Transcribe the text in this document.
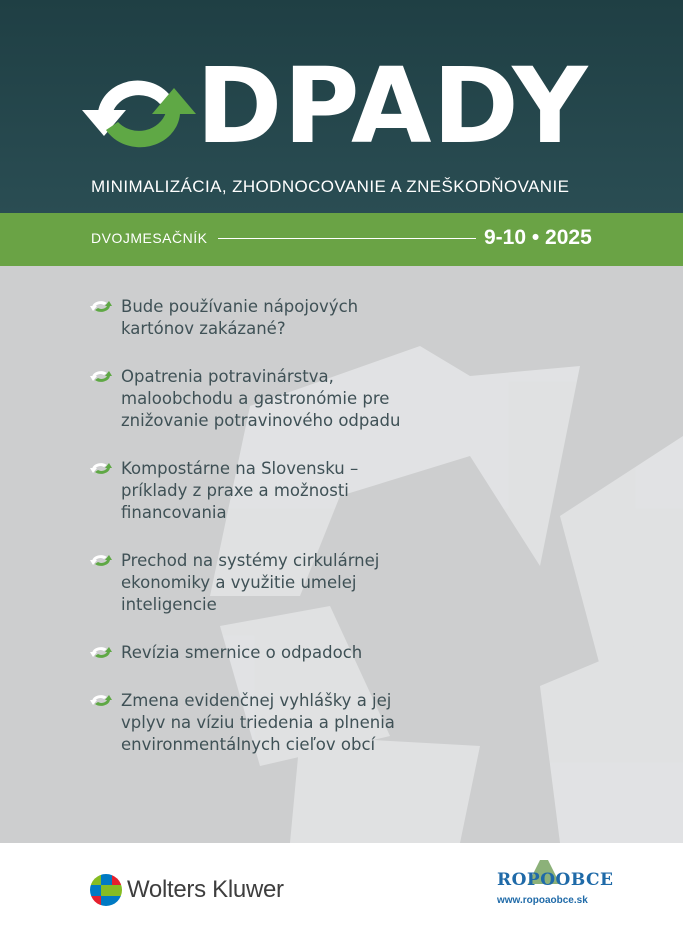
DPADY
MINIMALIZÁCIA, ZHODNOCOVANIE A ZNEŠKODŇOVANIE
DVOJMESAČNÍK	9-10 • 2025
Bude používanie nápojových kartónov zakázané?
Opatrenia potravinárstva, maloobchodu a gastronómie pre znižovanie potravinového odpadu
Kompostárne na Slovensku – príklady z praxe a možnosti financovania
Prechod na systémy cirkulárnej ekonomiky a využitie umelej inteligencie
Revízia smernice o odpadoch
Zmena evidenčnej vyhlášky a jej vplyv na víziu triedenia a plnenia environmentálnych cieľov obcí
Wolters Kluwer	ROPOOBCE
www.ropoaobce.sk
